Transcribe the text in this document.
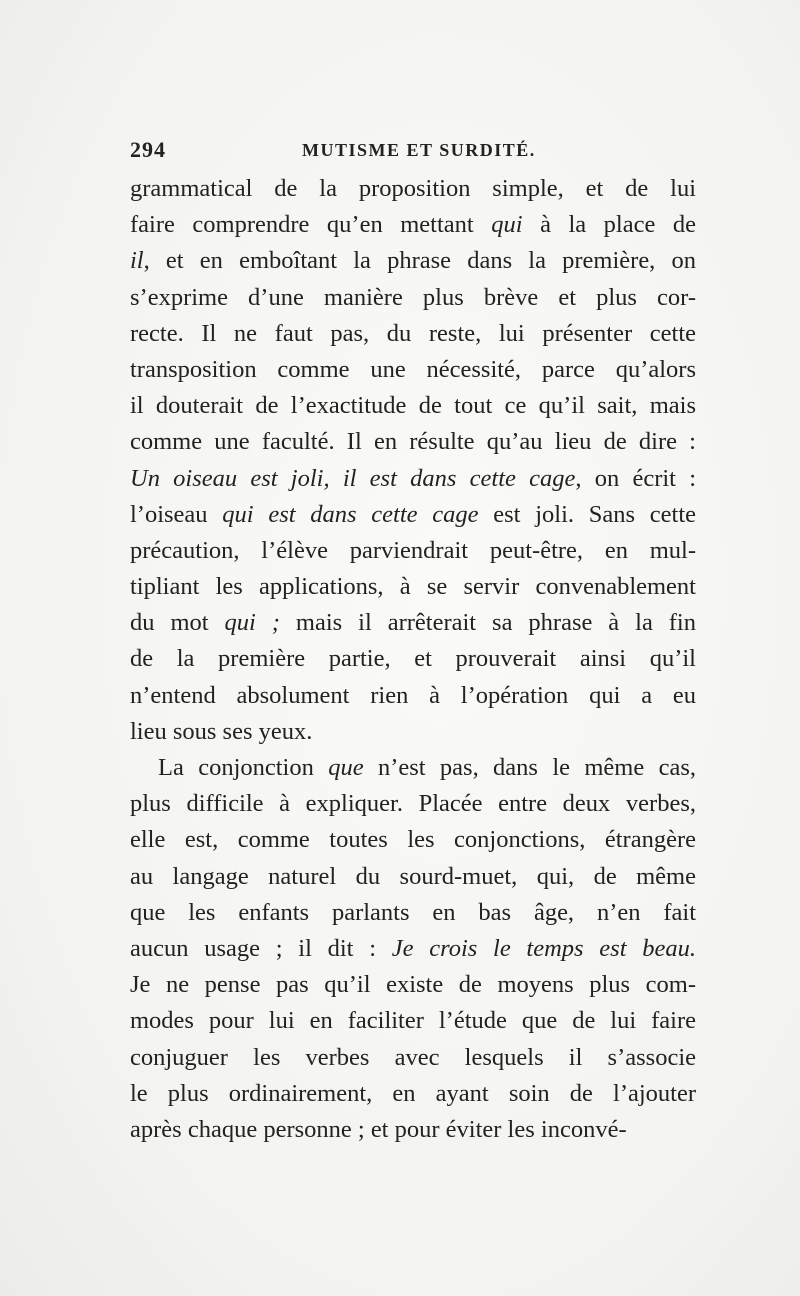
294	MUTISME ET SURDITÉ.
grammatical de la proposition simple, et de lui
faire comprendre qu’en mettant qui à la place de
il, et en emboîtant la phrase dans la première, on
s’exprime d’une manière plus brève et plus cor-
recte. Il ne faut pas, du reste, lui présenter cette
transposition comme une nécessité, parce qu’alors
il douterait de l’exactitude de tout ce qu’il sait, mais
comme une faculté. Il en résulte qu’au lieu de dire :
Un oiseau est joli, il est dans cette cage, on écrit :
l’oiseau qui est dans cette cage est joli. Sans cette
précaution, l’élève parviendrait peut-être, en mul-
tipliant les applications, à se servir convenablement
du mot qui ; mais il arrêterait sa phrase à la fin
de la première partie, et prouverait ainsi qu’il
n’entend absolument rien à l’opération qui a eu
lieu sous ses yeux.
La conjonction que n’est pas, dans le même cas,
plus difficile à expliquer. Placée entre deux verbes,
elle est, comme toutes les conjonctions, étrangère
au langage naturel du sourd-muet, qui, de même
que les enfants parlants en bas âge, n’en fait
aucun usage ; il dit : Je crois le temps est beau.
Je ne pense pas qu’il existe de moyens plus com-
modes pour lui en faciliter l’étude que de lui faire
conjuguer les verbes avec lesquels il s’associe
le plus ordinairement, en ayant soin de l’ajouter
après chaque personne ; et pour éviter les inconvé-
